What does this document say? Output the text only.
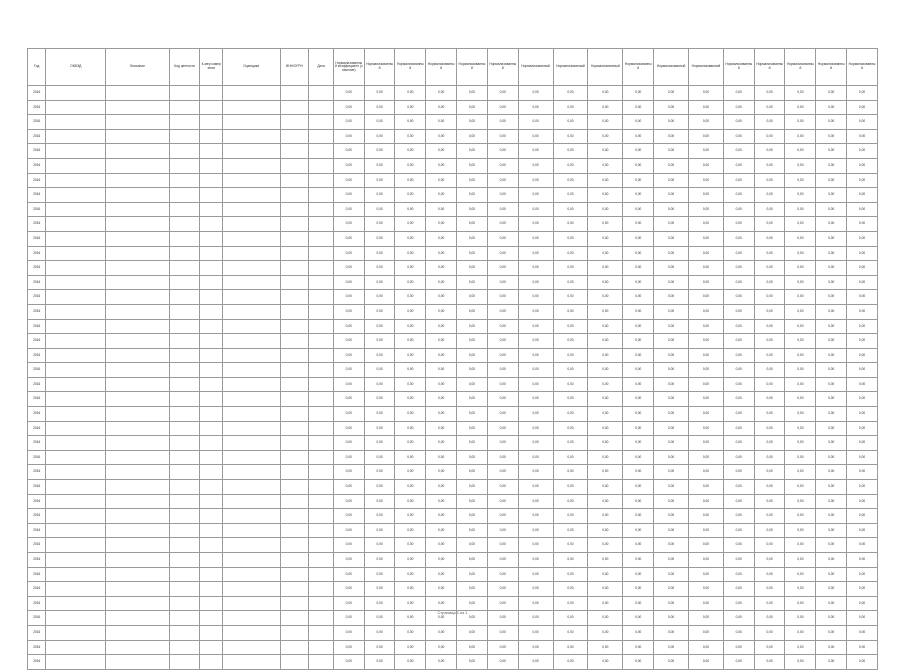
Год	ОКВЭД	Описание	Код ценности	К-мер измерения	Оценщики	ИНН/ОГРН	Дата	Нормализованный коэффициент (значение)	Нормализованный	Нормализованный	Нормализованный	Нормализованный	Нормализованный	Нормализованный	Нормализованный	Нормализованный	Нормализованный	Нормализованный	Нормализованный	Нормализованный	Нормализованный	Нормализованный	Нормализованный	Нормализованный
2016								0,00	0,00	0,00	0,00	0,00	0,00	0,00	0,00	0,00	0,00	0,00	0,00	0,00	0,00	0,00	0,00	0,00
2016								0,00	0,00	0,00	0,00	0,00	0,00	0,00	0,00	0,00	0,00	0,00	0,00	0,00	0,00	0,00	0,00	0,00
2016								0,00	0,00	0,00	0,00	0,00	0,00	0,00	0,00	0,00	0,00	0,00	0,00	0,00	0,00	0,00	0,00	0,00
2016								0,00	0,00	0,00	0,00	0,00	0,00	0,00	0,00	0,00	0,00	0,00	0,00	0,00	0,00	0,00	0,00	0,00
2016								0,00	0,00	0,00	0,00	0,00	0,00	0,00	0,00	0,00	0,00	0,00	0,00	0,00	0,00	0,00	0,00	0,00
2016								0,00	0,00	0,00	0,00	0,00	0,00	0,00	0,00	0,00	0,00	0,00	0,00	0,00	0,00	0,00	0,00	0,00
2016								0,00	0,00	0,00	0,00	0,00	0,00	0,00	0,00	0,00	0,00	0,00	0,00	0,00	0,00	0,00	0,00	0,00
2016								0,00	0,00	0,00	0,00	0,00	0,00	0,00	0,00	0,00	0,00	0,00	0,00	0,00	0,00	0,00	0,00	0,00
2016								0,00	0,00	0,00	0,00	0,00	0,00	0,00	0,00	0,00	0,00	0,00	0,00	0,00	0,00	0,00	0,00	0,00
2016								0,00	0,00	0,00	0,00	0,00	0,00	0,00	0,00	0,00	0,00	0,00	0,00	0,00	0,00	0,00	0,00	0,00
2016								0,00	0,00	0,00	0,00	0,00	0,00	0,00	0,00	0,00	0,00	0,00	0,00	0,00	0,00	0,00	0,00	0,00
2016								0,00	0,00	0,00	0,00	0,00	0,00	0,00	0,00	0,00	0,00	0,00	0,00	0,00	0,00	0,00	0,00	0,00
2016								0,00	0,00	0,00	0,00	0,00	0,00	0,00	0,00	0,00	0,00	0,00	0,00	0,00	0,00	0,00	0,00	0,00
2016								0,00	0,00	0,00	0,00	0,00	0,00	0,00	0,00	0,00	0,00	0,00	0,00	0,00	0,00	0,00	0,00	0,00
2016								0,00	0,00	0,00	0,00	0,00	0,00	0,00	0,00	0,00	0,00	0,00	0,00	0,00	0,00	0,00	0,00	0,00
2016								0,00	0,00	0,00	0,00	0,00	0,00	0,00	0,00	0,00	0,00	0,00	0,00	0,00	0,00	0,00	0,00	0,00
2016								0,00	0,00	0,00	0,00	0,00	0,00	0,00	0,00	0,00	0,00	0,00	0,00	0,00	0,00	0,00	0,00	0,00
2016								0,00	0,00	0,00	0,00	0,00	0,00	0,00	0,00	0,00	0,00	0,00	0,00	0,00	0,00	0,00	0,00	0,00
2016								0,00	0,00	0,00	0,00	0,00	0,00	0,00	0,00	0,00	0,00	0,00	0,00	0,00	0,00	0,00	0,00	0,00
2016								0,00	0,00	0,00	0,00	0,00	0,00	0,00	0,00	0,00	0,00	0,00	0,00	0,00	0,00	0,00	0,00	0,00
2016								0,00	0,00	0,00	0,00	0,00	0,00	0,00	0,00	0,00	0,00	0,00	0,00	0,00	0,00	0,00	0,00	0,00
2016								0,00	0,00	0,00	0,00	0,00	0,00	0,00	0,00	0,00	0,00	0,00	0,00	0,00	0,00	0,00	0,00	0,00
2016								0,00	0,00	0,00	0,00	0,00	0,00	0,00	0,00	0,00	0,00	0,00	0,00	0,00	0,00	0,00	0,00	0,00
2016								0,00	0,00	0,00	0,00	0,00	0,00	0,00	0,00	0,00	0,00	0,00	0,00	0,00	0,00	0,00	0,00	0,00
2016								0,00	0,00	0,00	0,00	0,00	0,00	0,00	0,00	0,00	0,00	0,00	0,00	0,00	0,00	0,00	0,00	0,00
2016								0,00	0,00	0,00	0,00	0,00	0,00	0,00	0,00	0,00	0,00	0,00	0,00	0,00	0,00	0,00	0,00	0,00
2016								0,00	0,00	0,00	0,00	0,00	0,00	0,00	0,00	0,00	0,00	0,00	0,00	0,00	0,00	0,00	0,00	0,00
2016								0,00	0,00	0,00	0,00	0,00	0,00	0,00	0,00	0,00	0,00	0,00	0,00	0,00	0,00	0,00	0,00	0,00
2016								0,00	0,00	0,00	0,00	0,00	0,00	0,00	0,00	0,00	0,00	0,00	0,00	0,00	0,00	0,00	0,00	0,00
2016								0,00	0,00	0,00	0,00	0,00	0,00	0,00	0,00	0,00	0,00	0,00	0,00	0,00	0,00	0,00	0,00	0,00
2016								0,00	0,00	0,00	0,00	0,00	0,00	0,00	0,00	0,00	0,00	0,00	0,00	0,00	0,00	0,00	0,00	0,00
2016								0,00	0,00	0,00	0,00	0,00	0,00	0,00	0,00	0,00	0,00	0,00	0,00	0,00	0,00	0,00	0,00	0,00
2016								0,00	0,00	0,00	0,00	0,00	0,00	0,00	0,00	0,00	0,00	0,00	0,00	0,00	0,00	0,00	0,00	0,00
2016								0,00	0,00	0,00	0,00	0,00	0,00	0,00	0,00	0,00	0,00	0,00	0,00	0,00	0,00	0,00	0,00	0,00
2016								0,00	0,00	0,00	0,00	0,00	0,00	0,00	0,00	0,00	0,00	0,00	0,00	0,00	0,00	0,00	0,00	0,00
2016								0,00	0,00	0,00	0,00	0,00	0,00	0,00	0,00	0,00	0,00	0,00	0,00	0,00	0,00	0,00	0,00	0,00
2016								0,00	0,00	0,00	0,00	0,00	0,00	0,00	0,00	0,00	0,00	0,00	0,00	0,00	0,00	0,00	0,00	0,00
2016								0,00	0,00	0,00	0,00	0,00	0,00	0,00	0,00	0,00	0,00	0,00	0,00	0,00	0,00	0,00	0,00	0,00
2016								0,00	0,00	0,00	0,00	0,00	0,00	0,00	0,00	0,00	0,00	0,00	0,00	0,00	0,00	0,00	0,00	0,00
2016								0,00	0,00	0,00	0,00	0,00	0,00	0,00	0,00	0,00	0,00	0,00	0,00	0,00	0,00	0,00	0,00	0,00
Страница 1 из 1
